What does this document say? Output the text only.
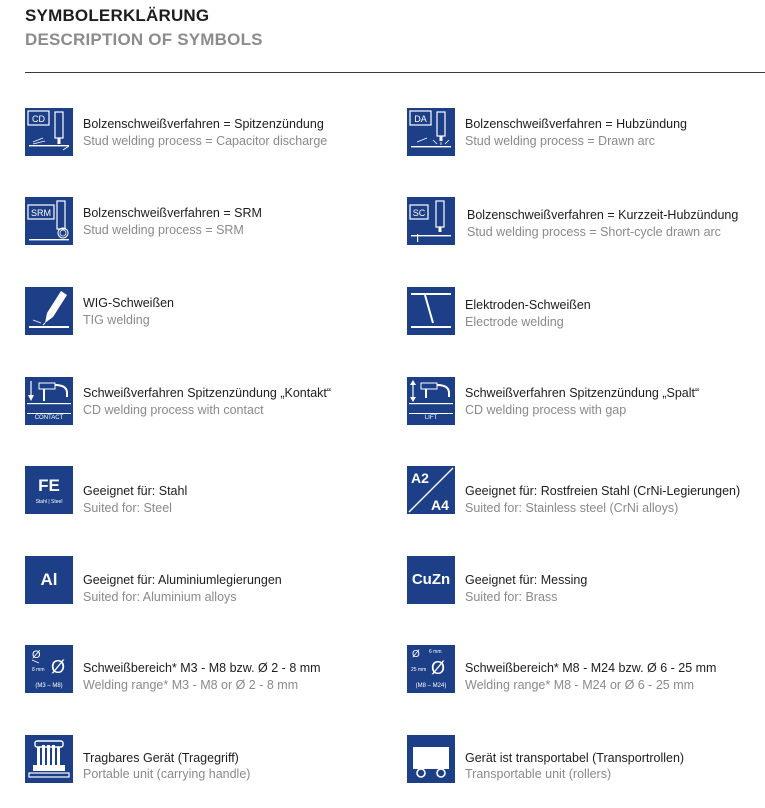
SYMBOLERKLÄRUNG
DESCRIPTION OF SYMBOLS
CD	Bolzenschweißverfahren = Spitzenzündung
Stud welding process = Capacitor discharge
DA	Bolzenschweißverfahren = Hubzündung
Stud welding process = Drawn arc
SRM	Bolzenschweißverfahren = SRM
Stud welding process = SRM
SC	Bolzenschweißverfahren = Kurzzeit-Hubzündung
Stud welding process = Short-cycle drawn arc
WIG-Schweißen
TIG welding
Elektroden-Schweißen
Electrode welding
CONTACT
Schweißverfahren Spitzenzündung „Kontakt“
CD welding process with contact
LIFT
Schweißverfahren Spitzenzündung „Spalt“
CD welding process with gap
FE
Stahl | Steel
Geeignet für: Stahl
Suited for: Steel
A2
A4
Geeignet für: Rostfreien Stahl (CrNi-Legierungen)
Suited for: Stainless steel (CrNi alloys)
Al	Geeignet für: Aluminiumlegierungen
Suited for: Aluminium alloys
CuZn	Geeignet für: Messing
Suited for: Brass
Ø
8 mm Ø
(M3 – M8)
Schweißbereich* M3 - M8 bzw. Ø 2 - 8 mm
Welding range* M3 - M8 or Ø 2 - 8 mm
Ø 6 mm
25 mm Ø
(M8 – M24)
Schweißbereich* M8 - M24 bzw. Ø 6 - 25 mm
Welding range* M8 - M24 or Ø 6 - 25 mm
Tragbares Gerät (Tragegriff)
Portable unit (carrying handle)
Gerät ist transportabel (Transportrollen)
Transportable unit (rollers)
